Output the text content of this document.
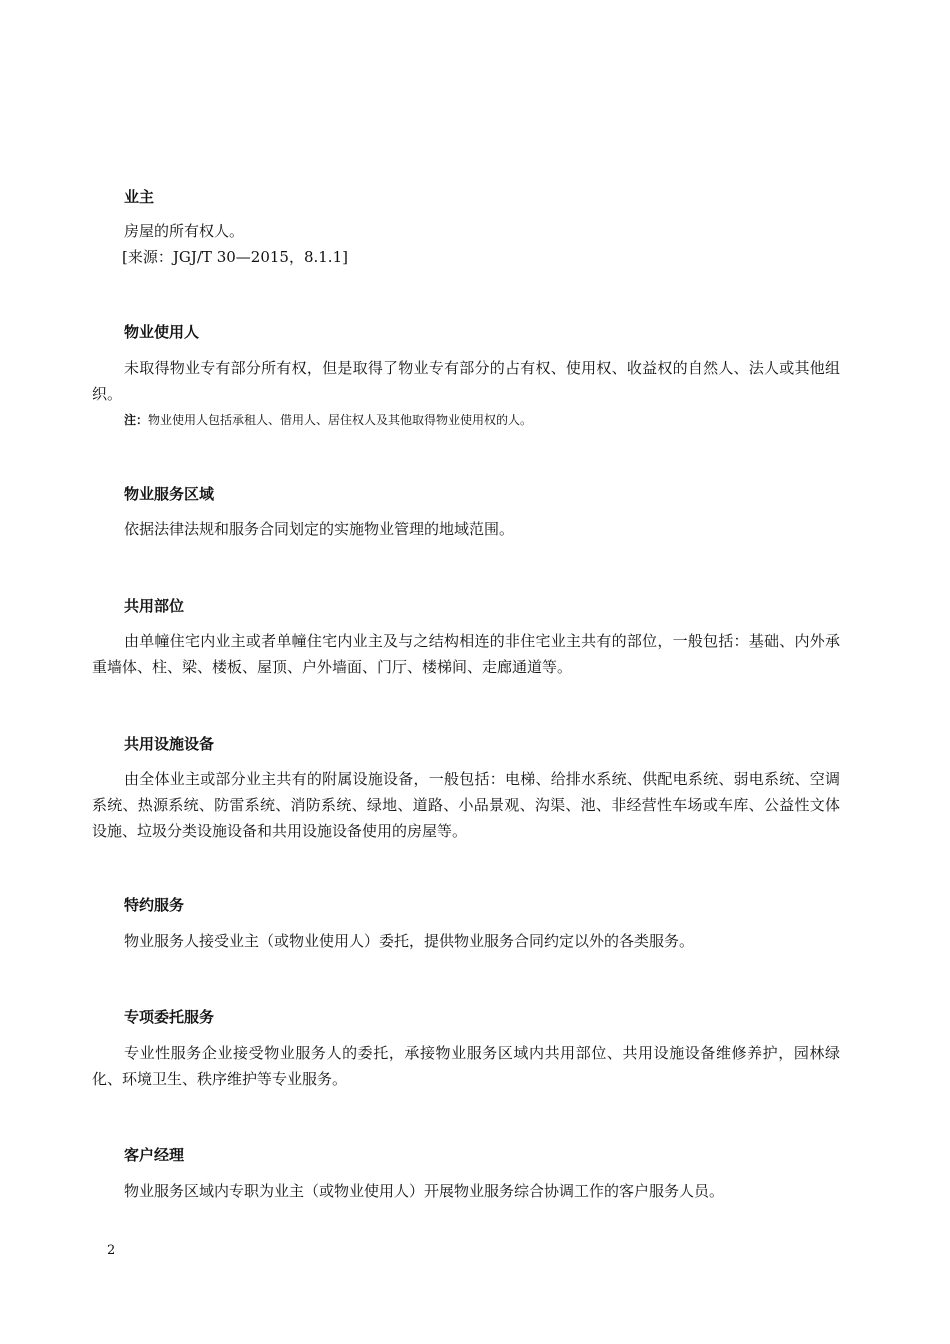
业主
房屋的所有权人。
[来源：JGJ/T 30—2015，8.1.1]
物业使用人
未取得物业专有部分所有权，但是取得了物业专有部分的占有权、使用权、收益权的自然人、法人或其他组织。
注：物业使用人包括承租人、借用人、居住权人及其他取得物业使用权的人。
物业服务区域
依据法律法规和服务合同划定的实施物业管理的地域范围。
共用部位
由单幢住宅内业主或者单幢住宅内业主及与之结构相连的非住宅业主共有的部位，一般包括：基础、内外承重墙体、柱、梁、楼板、屋顶、户外墙面、门厅、楼梯间、走廊通道等。
共用设施设备
由全体业主或部分业主共有的附属设施设备，一般包括：电梯、给排水系统、供配电系统、弱电系统、空调系统、热源系统、防雷系统、消防系统、绿地、道路、小品景观、沟渠、池、非经营性车场或车库、公益性文体设施、垃圾分类设施设备和共用设施设备使用的房屋等。
特约服务
物业服务人接受业主（或物业使用人）委托，提供物业服务合同约定以外的各类服务。
专项委托服务
专业性服务企业接受物业服务人的委托，承接物业服务区域内共用部位、共用设施设备维修养护，园林绿化、环境卫生、秩序维护等专业服务。
客户经理
物业服务区域内专职为业主（或物业使用人）开展物业服务综合协调工作的客户服务人员。
2
